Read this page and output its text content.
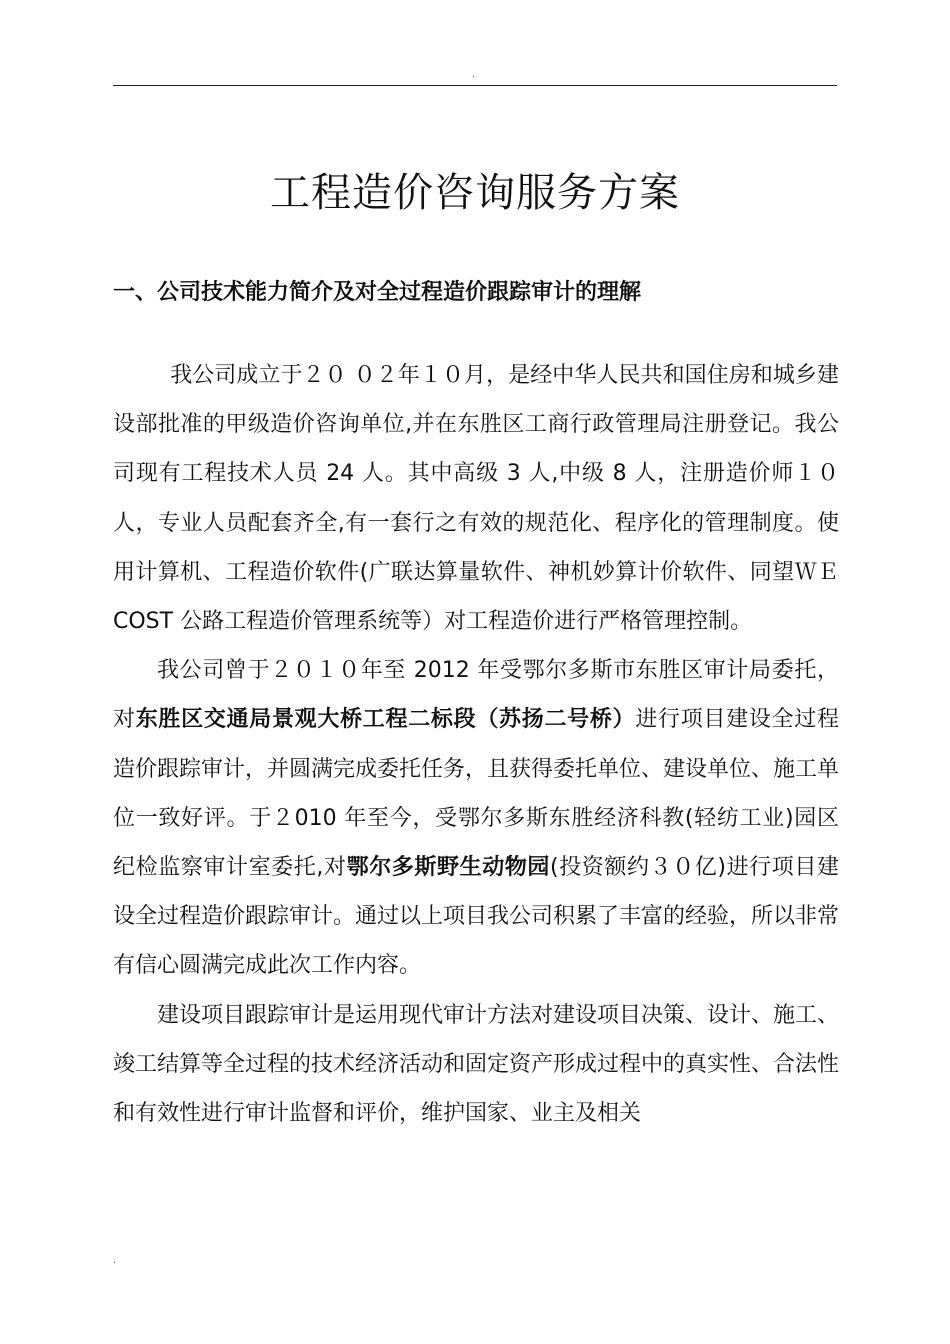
.
工程造价咨询服务方案
一、公司技术能力简介及对全过程造价跟踪审计的理解

我公司成立于２０ ０２年１０月，是经中华人民共和国住房和城乡建设部批准的甲级造价咨询单位,并在东胜区工商行政管理局注册登记。我公司现有工程技术人员 24 人。其中高级 3 人,中级 8 人，注册造价师１０人，专业人员配套齐全,有一套行之有效的规范化、程序化的管理制度。使用计算机、工程造价软件(广联达算量软件、神机妙算计价软件、同望ＷＥCOST 公路工程造价管理系统等）对工程造价进行严格管理控制。

我公司曾于２０１０年至 2012 年受鄂尔多斯市东胜区审计局委托，对东胜区交通局景观大桥工程二标段（苏扬二号桥）进行项目建设全过程造价跟踪审计，并圆满完成委托任务，且获得委托单位、建设单位、施工单位一致好评。于２010 年至今，受鄂尔多斯东胜经济科教(轻纺工业)园区纪检监察审计室委托,对鄂尔多斯野生动物园(投资额约３０亿)进行项目建设全过程造价跟踪审计。通过以上项目我公司积累了丰富的经验，所以非常有信心圆满完成此次工作内容。

建设项目跟踪审计是运用现代审计方法对建设项目决策、设计、施工、竣工结算等全过程的技术经济活动和固定资产形成过程中的真实性、合法性和有效性进行审计监督和评价，维护国家、业主及相关

.
